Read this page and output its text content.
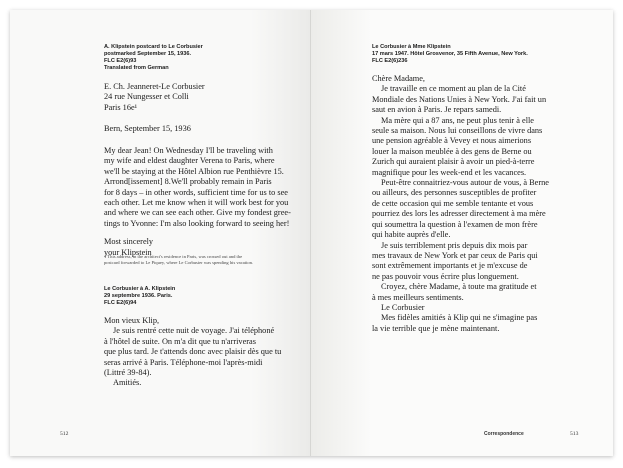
A. Klipstein postcard to Le Corbusier

postmarked September 15, 1936.

FLC E2(6)93

Translated from German

E. Ch. Jeanneret-Le Corbusier

24 rue Nungesser et Colli

Paris 16e¹

Bern, September 15, 1936

My dear Jean! On Wednesday I'll be traveling with

my wife and eldest daughter Verena to Paris, where

we'll be staying at the Hôtel Albion rue Penthièvre 15.

Arrond[issement] 8.We'll probably remain in Paris

for 8 days – in other words, sufficient time for us to see

each other. Let me know when it will work best for you

and where we can see each other. Give my fondest gree-

tings to Yvonne: I'm also looking forward to seeing her!

Most sincerely

your Klipstein

1 This address, in the architect's residence in Paris, was crossed out and the
postcard forwarded to Le Piquey, where Le Corbusier was spending his vacation.

Le Corbusier à A. Klipstein

29 septembre 1936. Paris.

FLC E2(6)94

Mon vieux Klip,

Je suis rentré cette nuit de voyage. J'ai téléphoné

à l'hôtel de suite. On m'a dit que tu n'arriveras

que plus tard. Je t'attends donc avec plaisir dès que tu

seras arrivé à Paris. Téléphone-moi l'après-midi

(Littré 39-84).

Amitiés.

512

Le Corbusier à Mme Klipstein

17 mars 1947. Hôtel Grosvenor, 35 Fifth Avenue, New York.

FLC E2(6)236

Chère Madame,

Je travaille en ce moment au plan de la Cité

Mondiale des Nations Unies à New York. J'ai fait un

saut en avion à Paris. Je repars samedi.

Ma mère qui a 87 ans, ne peut plus tenir à elle

seule sa maison. Nous lui conseillons de vivre dans

une pension agréable à Vevey et nous aimerions

louer la maison meublée à des gens de Berne ou

Zurich qui auraient plaisir à avoir un pied-à-terre

magnifique pour les week-end et les vacances.

Peut-être connaitriez-vous autour de vous, à Berne

ou ailleurs, des personnes susceptibles de profiter

de cette occasion qui me semble tentante et vous

pourriez des lors les adresser directement à ma mère

qui soumettra la question à l'examen de mon frère

qui habite auprès d'elle.

Je suis terriblement pris depuis dix mois par

mes travaux de New York et par ceux de Paris qui

sont extrêmement importants et je m'excuse de

ne pas pouvoir vous écrire plus longuement.

Croyez, chère Madame, à toute ma gratitude et

à mes meilleurs sentiments.

Le Corbusier

Mes fidèles amitiés à Klip qui ne s'imagine pas

la vie terrible que je mène maintenant.

Correspondence	513
